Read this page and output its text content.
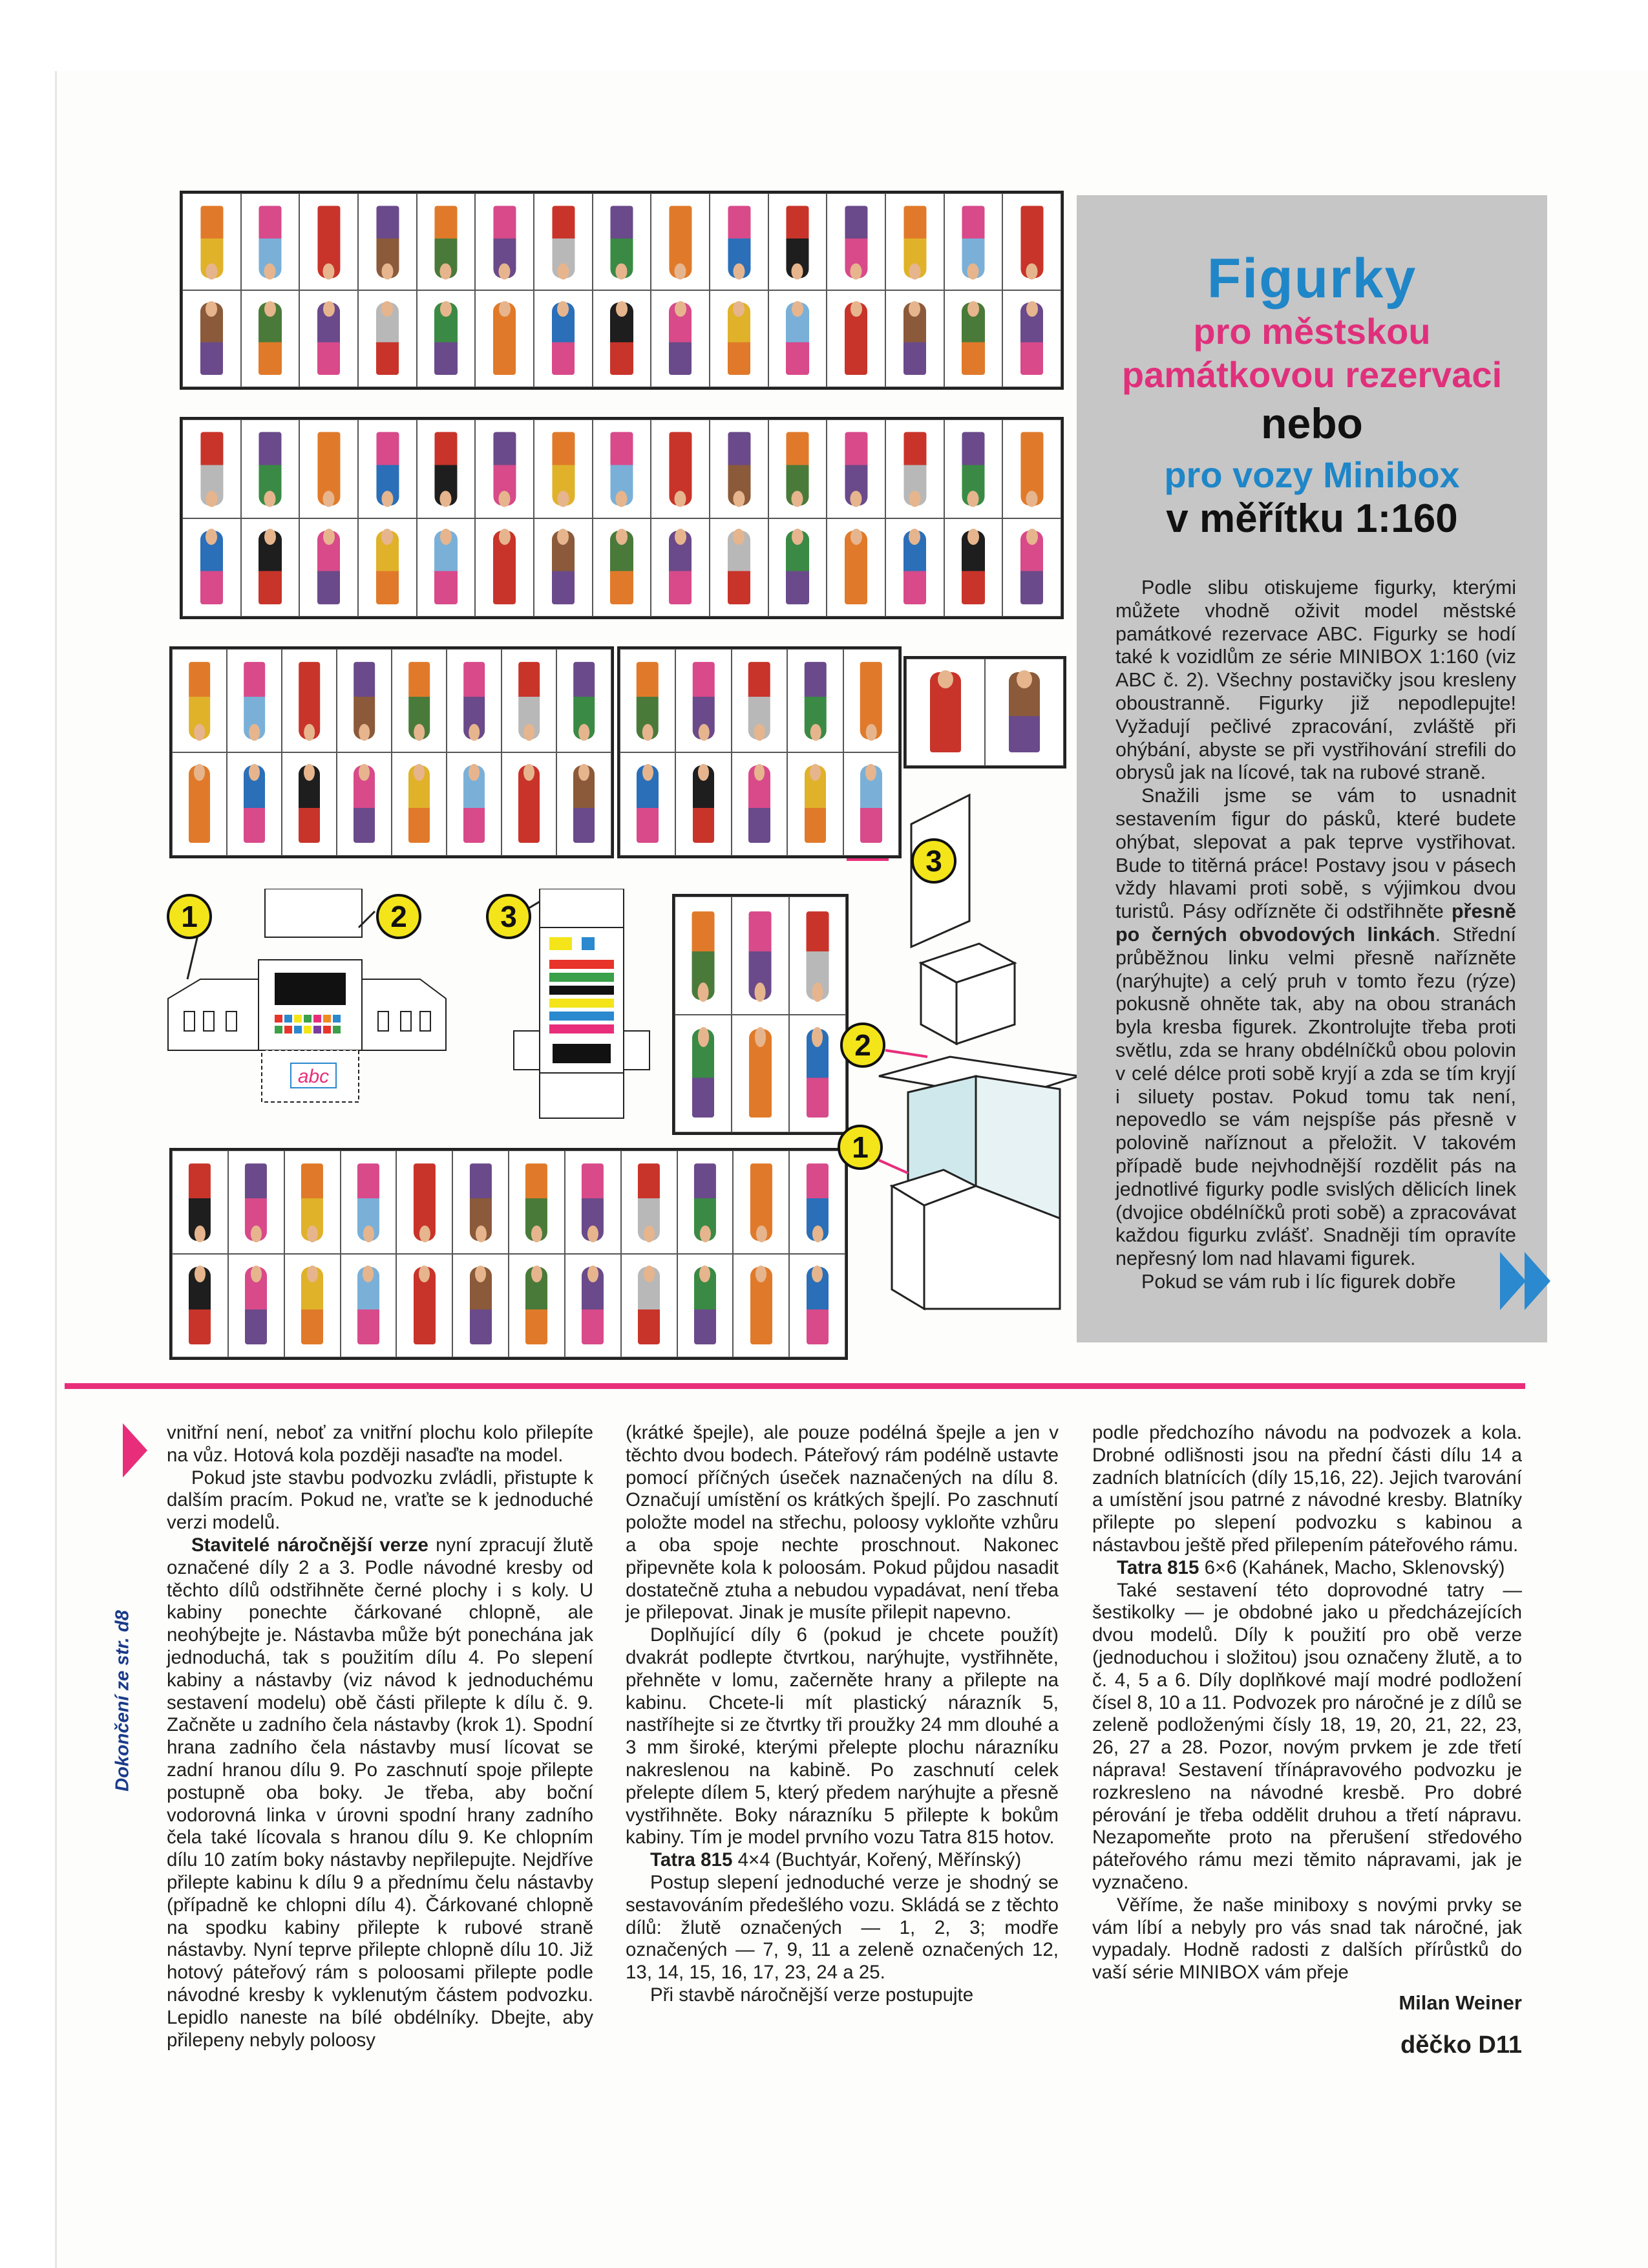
abc
1	2	3
3
2
1
Figurky
pro městskou
památkovou rezervaci
nebo
pro vozy Minibox
v měřítku 1:160

Podle slibu otiskujeme figurky, kterými můžete vhodně oživit model městské památkové rezervace ABC. Figurky se hodí také k vozidlům ze série MINIBOX 1:160 (viz ABC č. 2). Všechny postavičky jsou kresleny oboustranně. Figurky již nepodlepujte! Vyžadují pečlivé zpracování, zvláště při ohýbání, abyste se při vystřihování strefili do obrysů jak na lícové, tak na rubové straně.

Snažili jsme se vám to usnadnit sestavením figur do pásků, které budete ohýbat, slepovat a pak teprve vystřihovat. Bude to titěrná práce! Postavy jsou v pásech vždy hlavami proti sobě, s výjimkou dvou turistů. Pásy odřízněte či odstřihněte přesně po černých obvodových linkách. Střední průběžnou linku velmi přesně nařízněte (narýhujte) a celý pruh v tomto řezu (rýze) pokusně ohněte tak, aby na obou stranách byla kresba figurek. Zkontrolujte třeba proti světlu, zda se hrany obdélníčků obou polovin v celé délce proti sobě kryjí a zda se tím kryjí i siluety postav. Pokud tomu tak není, nepovedlo se vám nejspíše pás přesně v polovině naříznout a přeložit. V takovém případě bude nejvhodnější rozdělit pás na jednotlivé figurky podle svislých dělicích linek (dvojice obdélníčků proti sobě) a zpracovávat každou figurku zvlášť. Snadněji tím opravíte nepřesný lom nad hlavami figurek.

Pokud se vám rub i líc figurek dobře

Dokončení ze str. d8

vnitřní není, neboť za vnitřní plochu kolo přilepíte na vůz. Hotová kola později nasaďte na model.

Pokud jste stavbu podvozku zvládli, přistupte k dalším pracím. Pokud ne, vraťte se k jednoduché verzi modelů.

Stavitelé náročnější verze nyní zpracují žlutě označené díly 2 a 3. Podle návodné kresby od těchto dílů odstřihněte černé plochy i s koly. U kabiny ponechte čárkované chlopně, ale neohýbejte je. Nástavba může být ponechána jak jednoduchá, tak s použitím dílu 4. Po slepení kabiny a nástavby (viz návod k jednoduchému sestavení modelu) obě části přilepte k dílu č. 9. Začněte u zadního čela nástavby (krok 1). Spodní hrana zadního čela nástavby musí lícovat se zadní hranou dílu 9. Po zaschnutí spoje přilepte postupně oba boky. Je třeba, aby boční vodorovná linka v úrovni spodní hrany zadního čela také lícovala s hranou dílu 9. Ke chlopním dílu 10 zatím boky nástavby nepřilepujte. Nejdříve přilepte kabinu k dílu 9 a přednímu čelu nástavby (případně ke chlopni dílu 4). Čárkované chlopně na spodku kabiny přilepte k rubové straně nástavby. Nyní teprve přilepte chlopně dílu 10. Již hotový páteřový rám s poloosami přilepte podle návodné kresby k vyklenutým částem podvozku. Lepidlo naneste na bílé obdélníky. Dbejte, aby přilepeny nebyly poloosy

(krátké špejle), ale pouze podélná špejle a jen v těchto dvou bodech. Páteřový rám podélně ustavte pomocí příčných úseček naznačených na dílu 8. Označují umístění os krátkých špejlí. Po zaschnutí položte model na střechu, poloosy vykloňte vzhůru a oba spoje nechte proschnout. Nakonec připevněte kola k poloosám. Pokud půjdou nasadit dostatečně ztuha a nebudou vypadávat, není třeba je přilepovat. Jinak je musíte přilepit napevno.

Doplňující díly 6 (pokud je chcete použít) dvakrát podlepte čtvrtkou, narýhujte, vystřihněte, přehněte v lomu, začerněte hrany a přilepte na kabinu. Chcete-li mít plastický nárazník 5, nastříhejte si ze čtvrtky tři proužky 24 mm dlouhé a 3 mm široké, kterými přelepte plochu nárazníku nakreslenou na kabině. Po zaschnutí celek přelepte dílem 5, který předem narýhujte a přesně vystřihněte. Boky nárazníku 5 přilepte k bokům kabiny. Tím je model prvního vozu Tatra 815 hotov.

Tatra 815 4×4 (Buchtyár, Kořený, Měřínský)

Postup slepení jednoduché verze je shodný se sestavováním předešlého vozu. Skládá se z těchto dílů: žlutě označených — 1, 2, 3; modře označených — 7, 9, 11 a zeleně označených 12, 13, 14, 15, 16, 17, 23, 24 a 25.

Při stavbě náročnější verze postupujte

podle předchozího návodu na podvozek a kola. Drobné odlišnosti jsou na přední části dílu 14 a zadních blatnících (díly 15,16, 22). Jejich tvarování a umístění jsou patrné z návodné kresby. Blatníky přilepte po slepení podvozku s kabinou a nástavbou ještě před přilepením páteřového rámu.

Tatra 815 6×6 (Kahánek, Macho, Sklenovský)

Také sestavení této doprovodné tatry — šestikolky — je obdobné jako u předcházejících dvou modelů. Díly k použití pro obě verze (jednoduchou i složitou) jsou označeny žlutě, a to č. 4, 5 a 6. Díly doplňkové mají modré podložení čísel 8, 10 a 11. Podvozek pro náročné je z dílů se zeleně podloženými čísly 18, 19, 20, 21, 22, 23, 26, 27 a 28. Pozor, novým prvkem je zde třetí náprava! Sestavení třínápravového podvozku je rozkresleno na návodné kresbě. Pro dobré pérování je třeba oddělit druhou a třetí nápravu. Nezapomeňte proto na přerušení středového páteřového rámu mezi těmito nápravami, jak je vyznačeno.

Věříme, že naše miniboxy s novými prvky se vám líbí a nebyly pro vás snad tak náročné, jak vypadaly. Hodně radosti z dalších přírůstků do vaší série MINIBOX vám přeje

Milan Weiner
děčko D11
